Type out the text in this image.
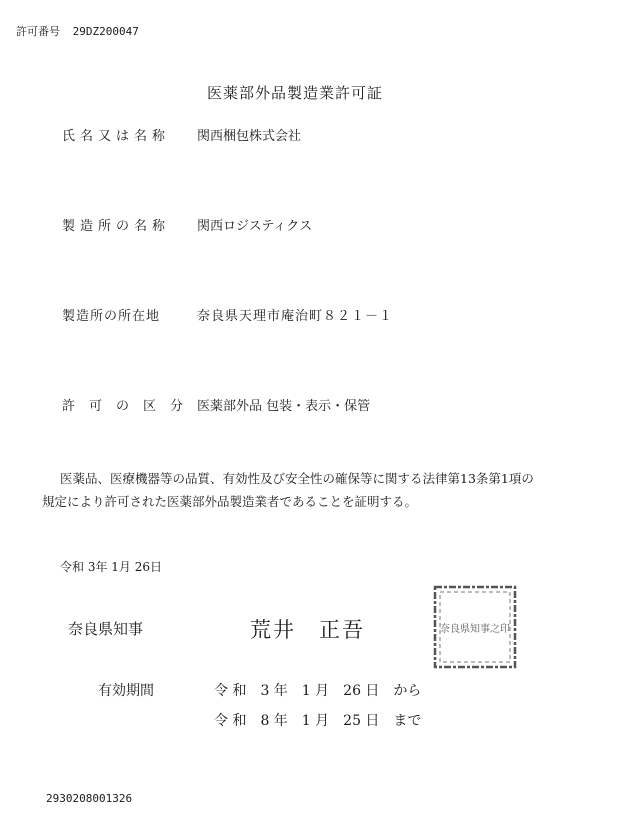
許可番号 29DZ200047
医薬部外品製造業許可証
氏名又は名称 関西梱包株式会社
製造所の名称 関西ロジスティクス
製造所の所在地	奈良県天理市庵治町８２１－１
許可の区分 医薬部外品 包装・表示・保管
医薬品、医療機器等の品質、有効性及び安全性の確保等に関する法律第13条第1項の
規定により許可された医薬部外品製造業者であることを証明する。
令和 3年 1月 26日
奈良県知事	荒井　正吾	奈良県知事之印
有効期間	令 和　3 年　1 月　26 日　から
令 和　8 年　1 月　25 日　まで
2930208001326
